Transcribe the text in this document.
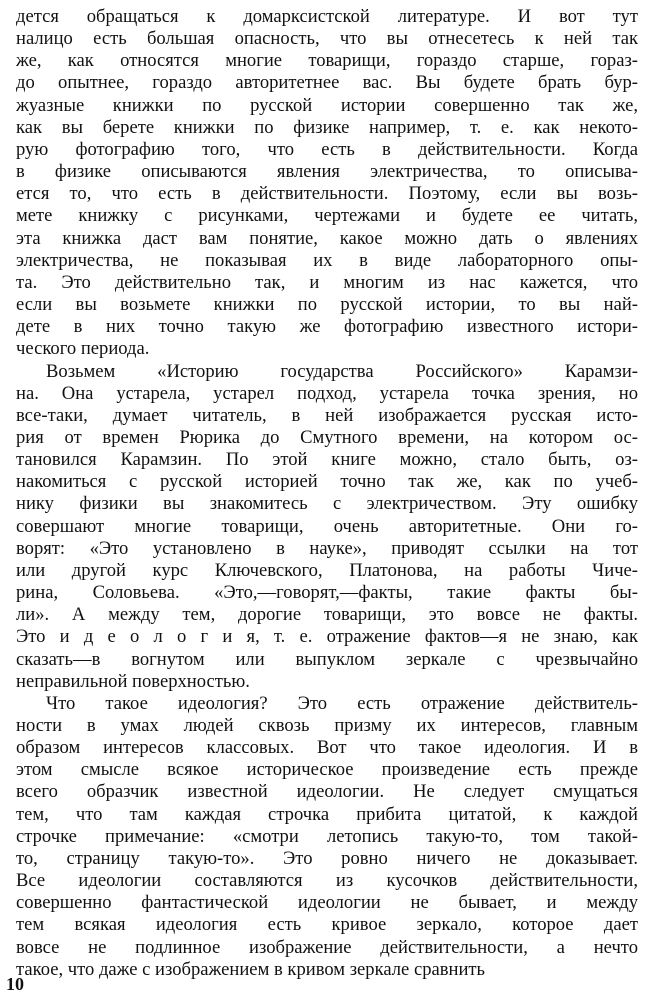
дется обращаться к домарксистской литературе. И вот тут
налицо есть большая опасность, что вы отнесетесь к ней так
же, как относятся многие товарищи, гораздо старше, гораз-
до опытнее, гораздо авторитетнее вас. Вы будете брать бур-
жуазные книжки по русской истории совершенно так же,
как вы берете книжки по физике например, т. е. как некото-
рую фотографию того, что есть в действительности. Когда
в физике описываются явления электричества, то описыва-
ется то, что есть в действительности. Поэтому, если вы возь-
мете книжку с рисунками, чертежами и будете ее читать,
эта книжка даст вам понятие, какое можно дать о явлениях
электричества, не показывая их в виде лабораторного опы-
та. Это действительно так, и многим из нас кажется, что
если вы возьмете книжки по русской истории, то вы най-
дете в них точно такую же фотографию известного истори-
ческого периода.
Возьмем «Историю государства Российского» Карамзи-
на. Она устарела, устарел подход, устарела точка зрения, но
все-таки, думает читатель, в ней изображается русская исто-
рия от времен Рюрика до Смутного времени, на котором ос-
тановился Карамзин. По этой книге можно, стало быть, оз-
накомиться с русской историей точно так же, как по учеб-
нику физики вы знакомитесь с электричеством. Эту ошибку
совершают многие товарищи, очень авторитетные. Они го-
ворят: «Это установлено в науке», приводят ссылки на тот
или другой курс Ключевского, Платонова, на работы Чиче-
рина, Соловьева. «Это,—говорят,—факты, такие факты бы-
ли». А между тем, дорогие товарищи, это вовсе не факты.
Это и д е о л о г и я, т. е. отражение фактов—я не знаю, как
сказать—в вогнутом или выпуклом зеркале с чрезвычайно
неправильной поверхностью.
Что такое идеология? Это есть отражение действитель-
ности в умах людей сквозь призму их интересов, главным
образом интересов классовых. Вот что такое идеология. И в
этом смысле всякое историческое произведение есть прежде
всего образчик известной идеологии. Не следует смущаться
тем, что там каждая строчка прибита цитатой, к каждой
строчке примечание: «смотри летопись такую-то, том такой-
то, страницу такую-то». Это ровно ничего не доказывает.
Все идеологии составляются из кусочков действительности,
совершенно фантастической идеологии не бывает, и между
тем всякая идеология есть кривое зеркало, которое дает
вовсе не подлинное изображение действительности, а нечто
такое, что даже с изображением в кривом зеркале сравнить
10
